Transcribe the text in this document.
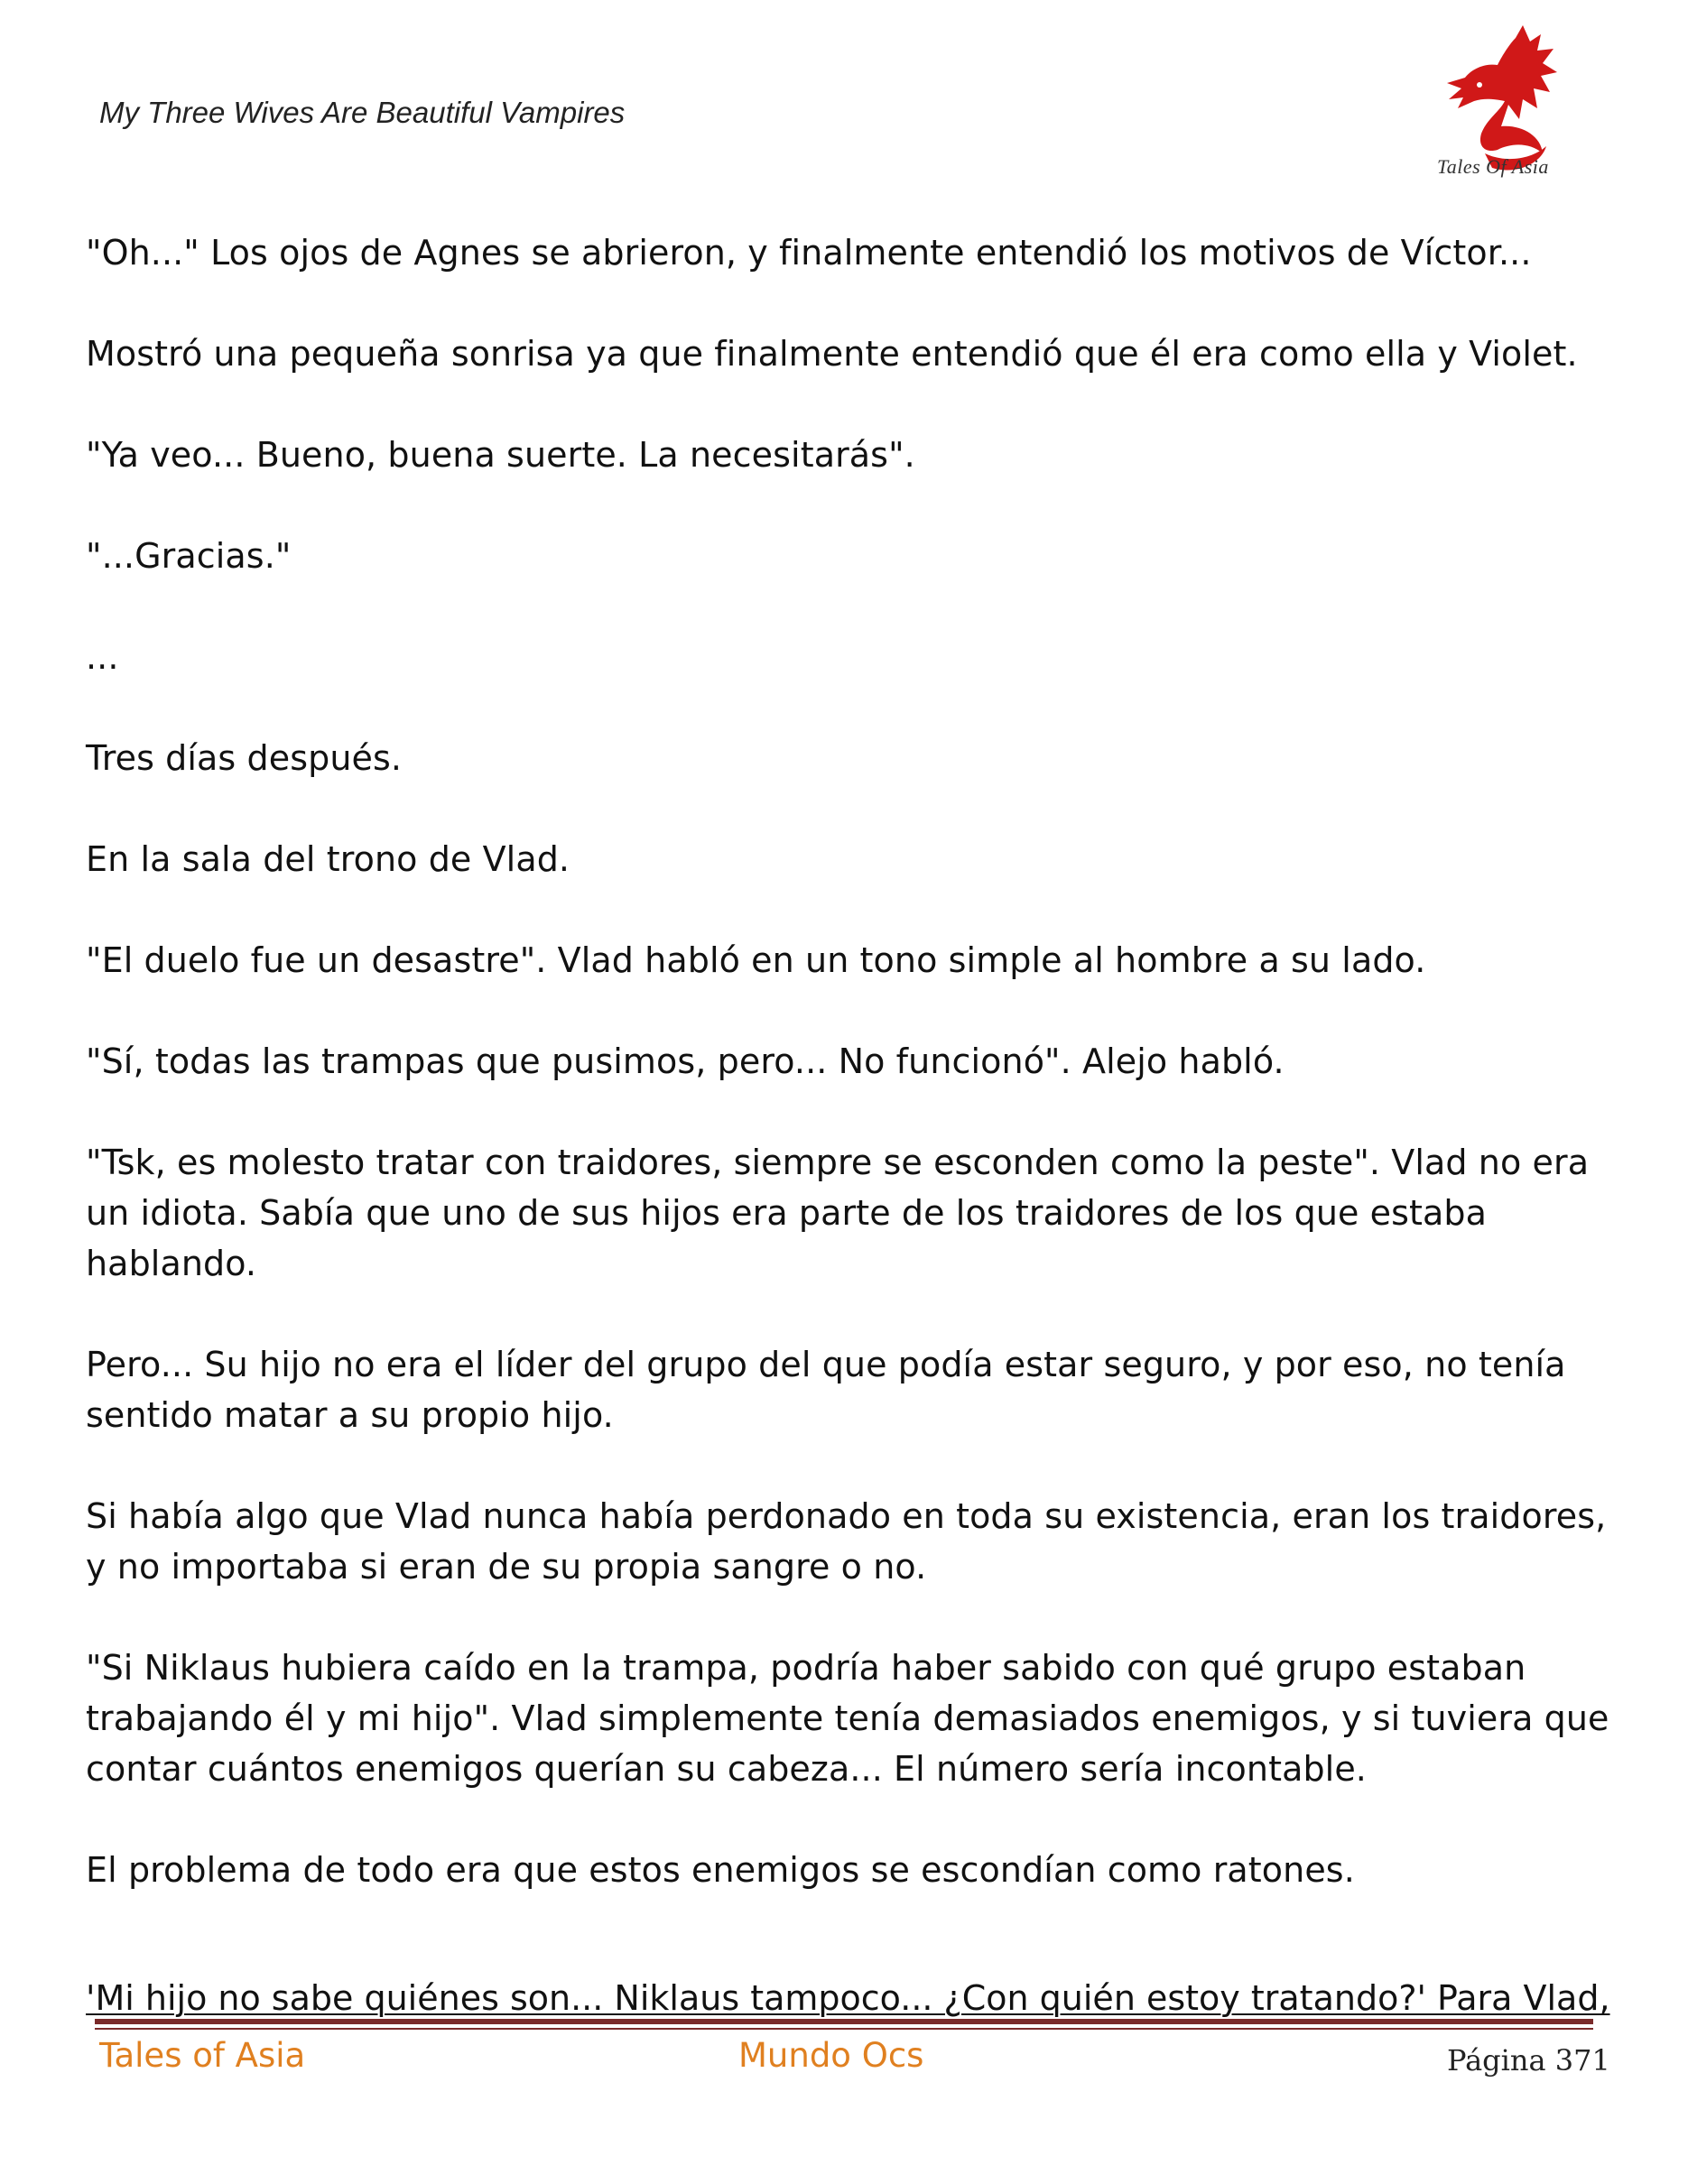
My Three Wives Are Beautiful Vampires
Tales Of Asia

"Oh..." Los ojos de Agnes se abrieron, y finalmente entendió los motivos de Víctor...

Mostró una pequeña sonrisa ya que finalmente entendió que él era como ella y Violet.

"Ya veo... Bueno, buena suerte. La necesitarás".

"...Gracias."

...

Tres días después.

En la sala del trono de Vlad.

"El duelo fue un desastre". Vlad habló en un tono simple al hombre a su lado.

"Sí, todas las trampas que pusimos, pero... No funcionó". Alejo habló.

"Tsk, es molesto tratar con traidores, siempre se esconden como la peste". Vlad no era un idiota. Sabía que uno de sus hijos era parte de los traidores de los que estaba hablando.

Pero... Su hijo no era el líder del grupo del que podía estar seguro, y por eso, no tenía sentido matar a su propio hijo.

Si había algo que Vlad nunca había perdonado en toda su existencia, eran los traidores, y no importaba si eran de su propia sangre o no.

"Si Niklaus hubiera caído en la trampa, podría haber sabido con qué grupo estaban trabajando él y mi hijo". Vlad simplemente tenía demasiados enemigos, y si tuviera que contar cuántos enemigos querían su cabeza... El número sería incontable.

El problema de todo era que estos enemigos se escondían como ratones.

'Mi hijo no sabe quiénes son... Niklaus tampoco... ¿Con quién estoy tratando?' Para Vlad,
Tales of Asia	Mundo Ocs	Página 371
